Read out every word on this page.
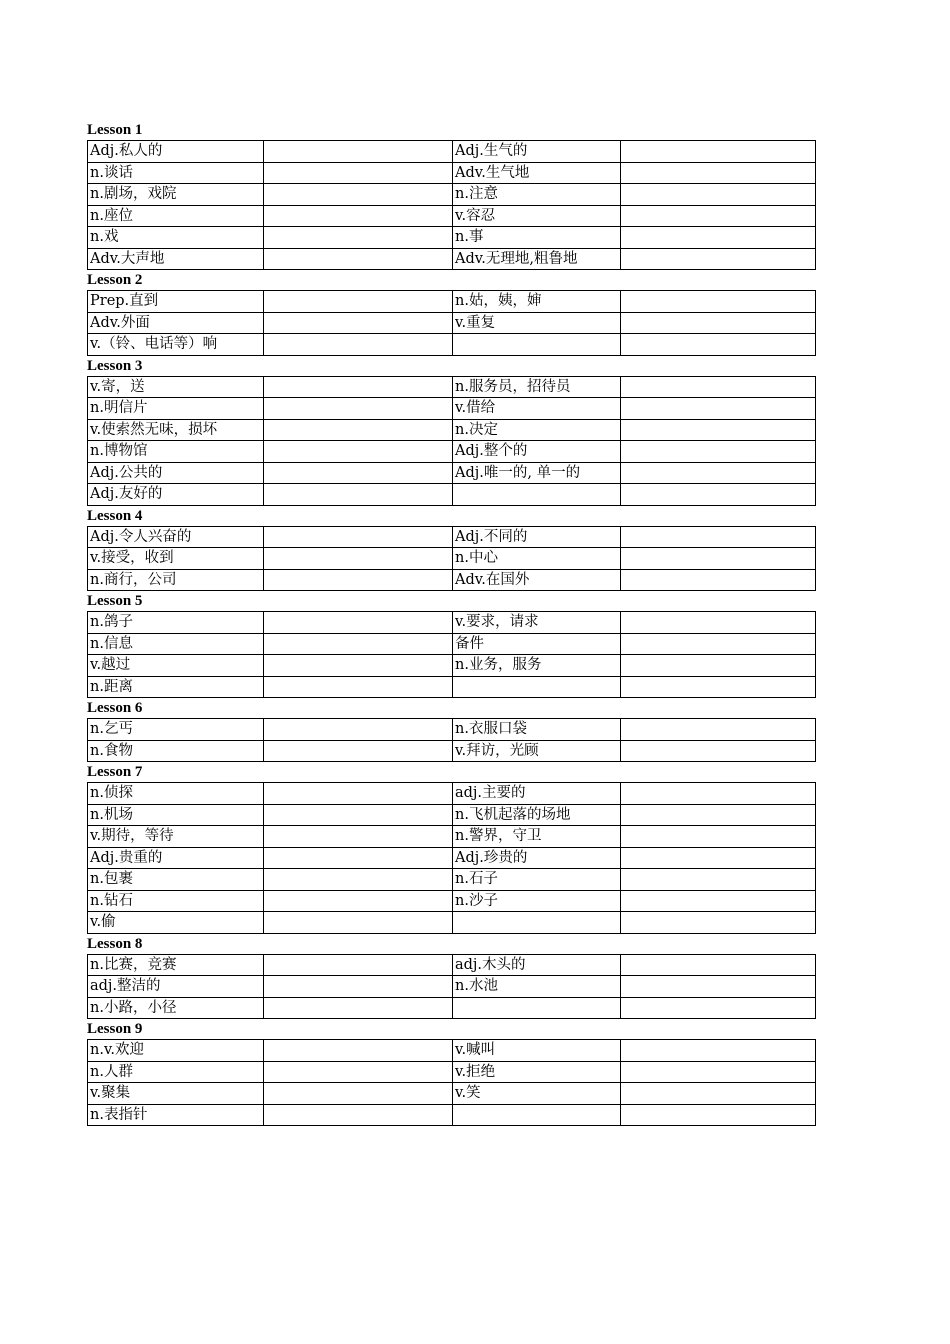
Lesson 1
Adj.私人的		Adj.生气的	
n.谈话		Adv.生气地	
n.剧场，戏院		n.注意	
n.座位		v.容忍	
n.戏		n.事	
Adv.大声地		Adv.无理地,粗鲁地	
Lesson 2
Prep.直到		n.姑，姨，婶	
Adv.外面		v.重复	
v.（铃、电话等）响			
Lesson 3
v.寄，送		n.服务员，招待员	
n.明信片		v.借给	
v.使索然无味，损坏		n.决定	
n.博物馆		Adj.整个的	
Adj.公共的		Adj.唯一的, 单一的	
Adj.友好的			
Lesson 4
Adj.令人兴奋的		Adj.不同的	
v.接受，收到		n.中心	
n.商行，公司		Adv.在国外	
Lesson 5
n.鸽子		v.要求，请求	
n.信息		备件	
v.越过		n.业务，服务	
n.距离			
Lesson 6
n.乞丐		n.衣服口袋	
n.食物		v.拜访，光顾	
Lesson 7
n.侦探		adj.主要的	
n.机场		n.飞机起落的场地	
v.期待，等待		n.警界，守卫	
Adj.贵重的		Adj.珍贵的	
n.包裹		n.石子	
n.钻石		n.沙子	
v.偷			
Lesson 8
n.比赛，竞赛		adj.木头的	
adj.整洁的		n.水池	
n.小路，小径			
Lesson 9
n.v.欢迎		v.喊叫	
n.人群		v.拒绝	
v.聚集		v.笑	
n.表指针			
